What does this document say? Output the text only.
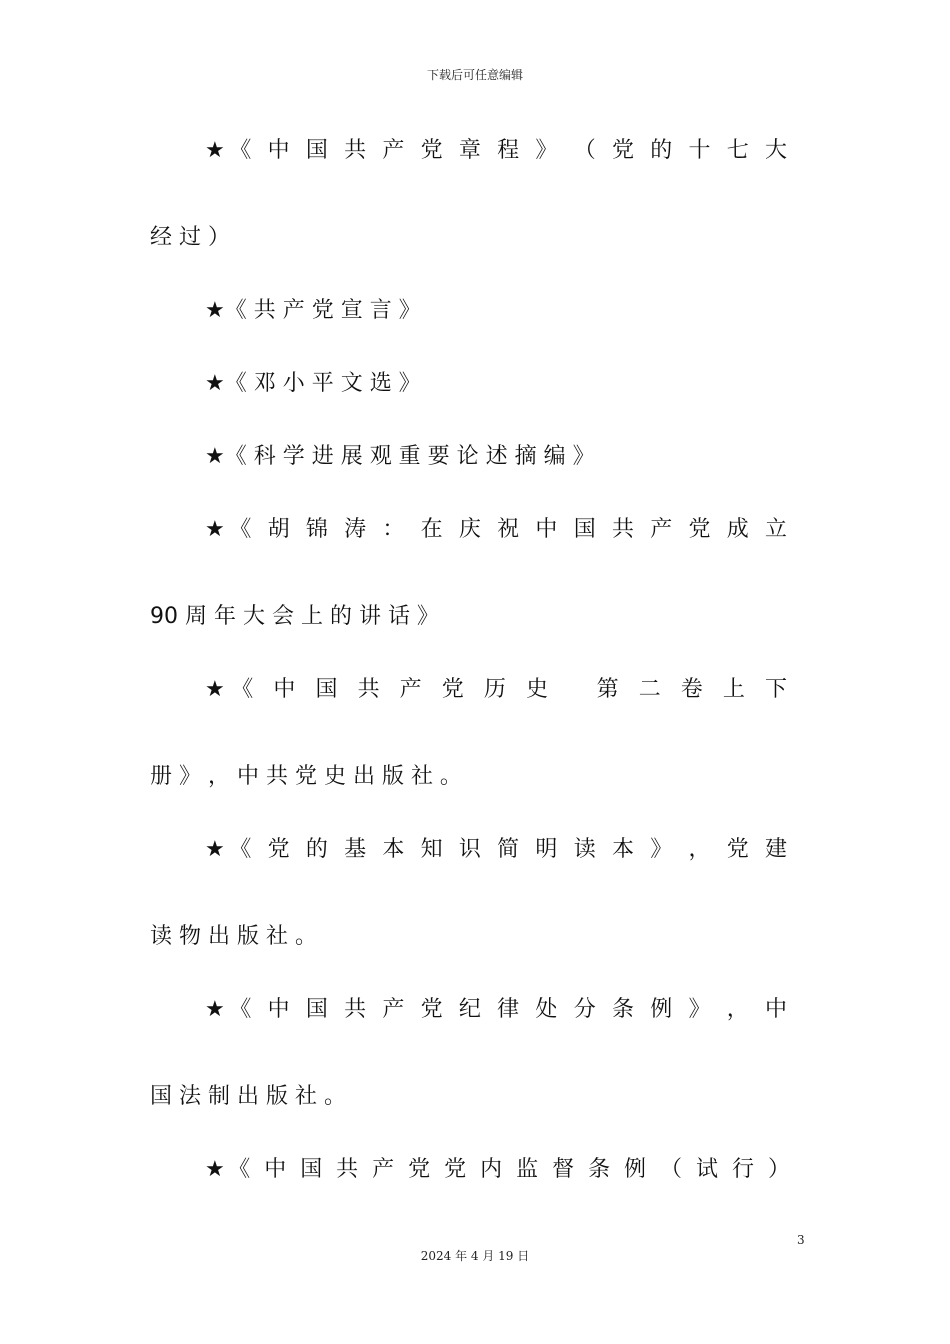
下载后可任意编辑
★《 中 国 共 产 党 章 程 》 （ 党 的 十 七 大
经 过 ）
★《 共 产 党 宣 言 》
★《 邓 小 平 文 选 》
★《 科 学 进 展 观 重 要 论 述 摘 编 》
★《 胡 锦 涛 ： 在 庆 祝 中 国 共 产 党 成 立
90 周 年 大 会 上 的 讲 话 》
★《 中 国 共 产 党 历 史 　第 二 卷 上 下
册 》 ， 中 共 党 史 出 版 社 。
★《 党 的 基 本 知 识 简 明 读 本 》 ， 党 建
读 物 出 版 社 。
★《 中 国 共 产 党 纪 律 处 分 条 例 》 ， 中
国 法 制 出 版 社 。
★《 中 国 共 产 党 党 内 监 督 条 例 （ 试 行 ）
3
2024 年 4 月 19 日
